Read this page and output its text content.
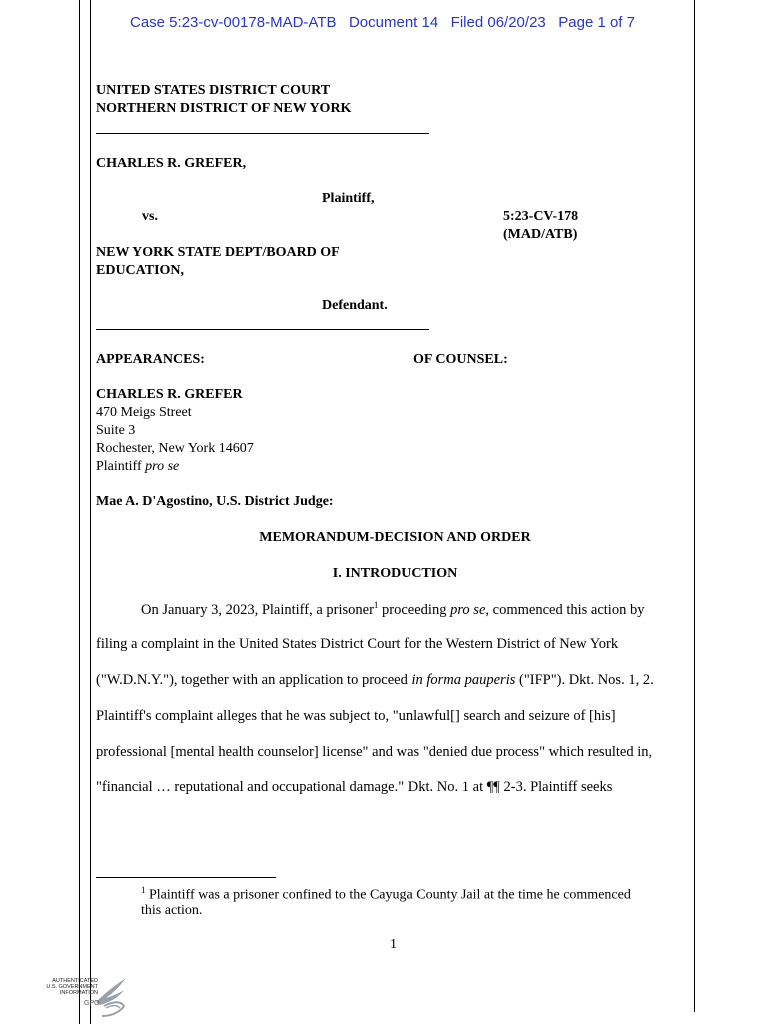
Case 5:23-cv-00178-MAD-ATB   Document 14   Filed 06/20/23   Page 1 of 7
UNITED STATES DISTRICT COURT
NORTHERN DISTRICT OF NEW YORK
CHARLES R. GREFER,
Plaintiff,
vs.	5:23-CV-178
(MAD/ATB)
NEW YORK STATE DEPT/BOARD OF
EDUCATION,
Defendant.
APPEARANCES:	OF COUNSEL:
CHARLES R. GREFER
470 Meigs Street
Suite 3
Rochester, New York 14607
Plaintiff pro se
Mae A. D'Agostino, U.S. District Judge:
MEMORANDUM-DECISION AND ORDER
I. INTRODUCTION
On January 3, 2023, Plaintiff, a prisoner$^1$ proceeding pro se, commenced this action by
filing a complaint in the United States District Court for the Western District of New York
("W.D.N.Y."), together with an application to proceed in forma pauperis ("IFP"). Dkt. Nos. 1, 2.
Plaintiff's complaint alleges that he was subject to, "unlawful[] search and seizure of [his]
professional [mental health counselor] license" and was "denied due process" which resulted in,
"financial … reputational and occupational damage." Dkt. No. 1 at ¶¶ 2-3. Plaintiff seeks
$^1$ Plaintiff was a prisoner confined to the Cayuga County Jail at the time he commenced
this action.
1
AUTHENTICATED
U.S. GOVERNMENT
INFORMATION
GPO
